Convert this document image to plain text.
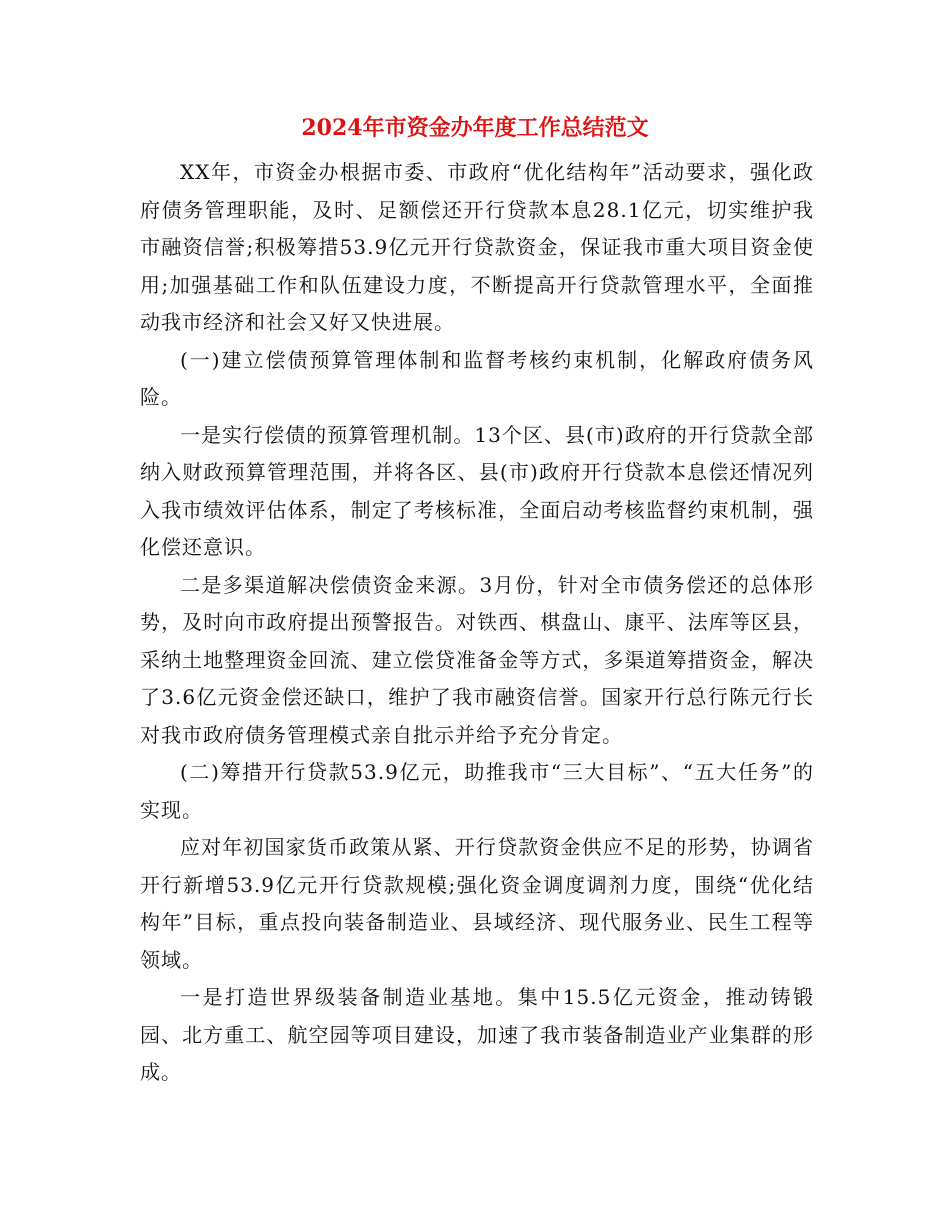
2024年市资金办年度工作总结范文

XX年，市资金办根据市委、市政府“优化结构年”活动要求，强化政府债务管理职能，及时、足额偿还开行贷款本息28.1亿元，切实维护我市融资信誉;积极筹措53.9亿元开行贷款资金，保证我市重大项目资金使用;加强基础工作和队伍建设力度，不断提高开行贷款管理水平，全面推动我市经济和社会又好又快进展。

(一)建立偿债预算管理体制和监督考核约束机制，化解政府债务风险。

一是实行偿债的预算管理机制。13个区、县(市)政府的开行贷款全部纳入财政预算管理范围，并将各区、县(市)政府开行贷款本息偿还情况列入我市绩效评估体系，制定了考核标准，全面启动考核监督约束机制，强化偿还意识。

二是多渠道解决偿债资金来源。3月份，针对全市债务偿还的总体形势，及时向市政府提出预警报告。对铁西、棋盘山、康平、法库等区县，采纳土地整理资金回流、建立偿贷准备金等方式，多渠道筹措资金，解决了3.6亿元资金偿还缺口，维护了我市融资信誉。国家开行总行陈元行长对我市政府债务管理模式亲自批示并给予充分肯定。

(二)筹措开行贷款53.9亿元，助推我市“三大目标”、“五大任务”的实现。

应对年初国家货币政策从紧、开行贷款资金供应不足的形势，协调省开行新增53.9亿元开行贷款规模;强化资金调度调剂力度，围绕“优化结构年”目标，重点投向装备制造业、县域经济、现代服务业、民生工程等领域。

一是打造世界级装备制造业基地。集中15.5亿元资金，推动铸锻园、北方重工、航空园等项目建设，加速了我市装备制造业产业集群的形成。
